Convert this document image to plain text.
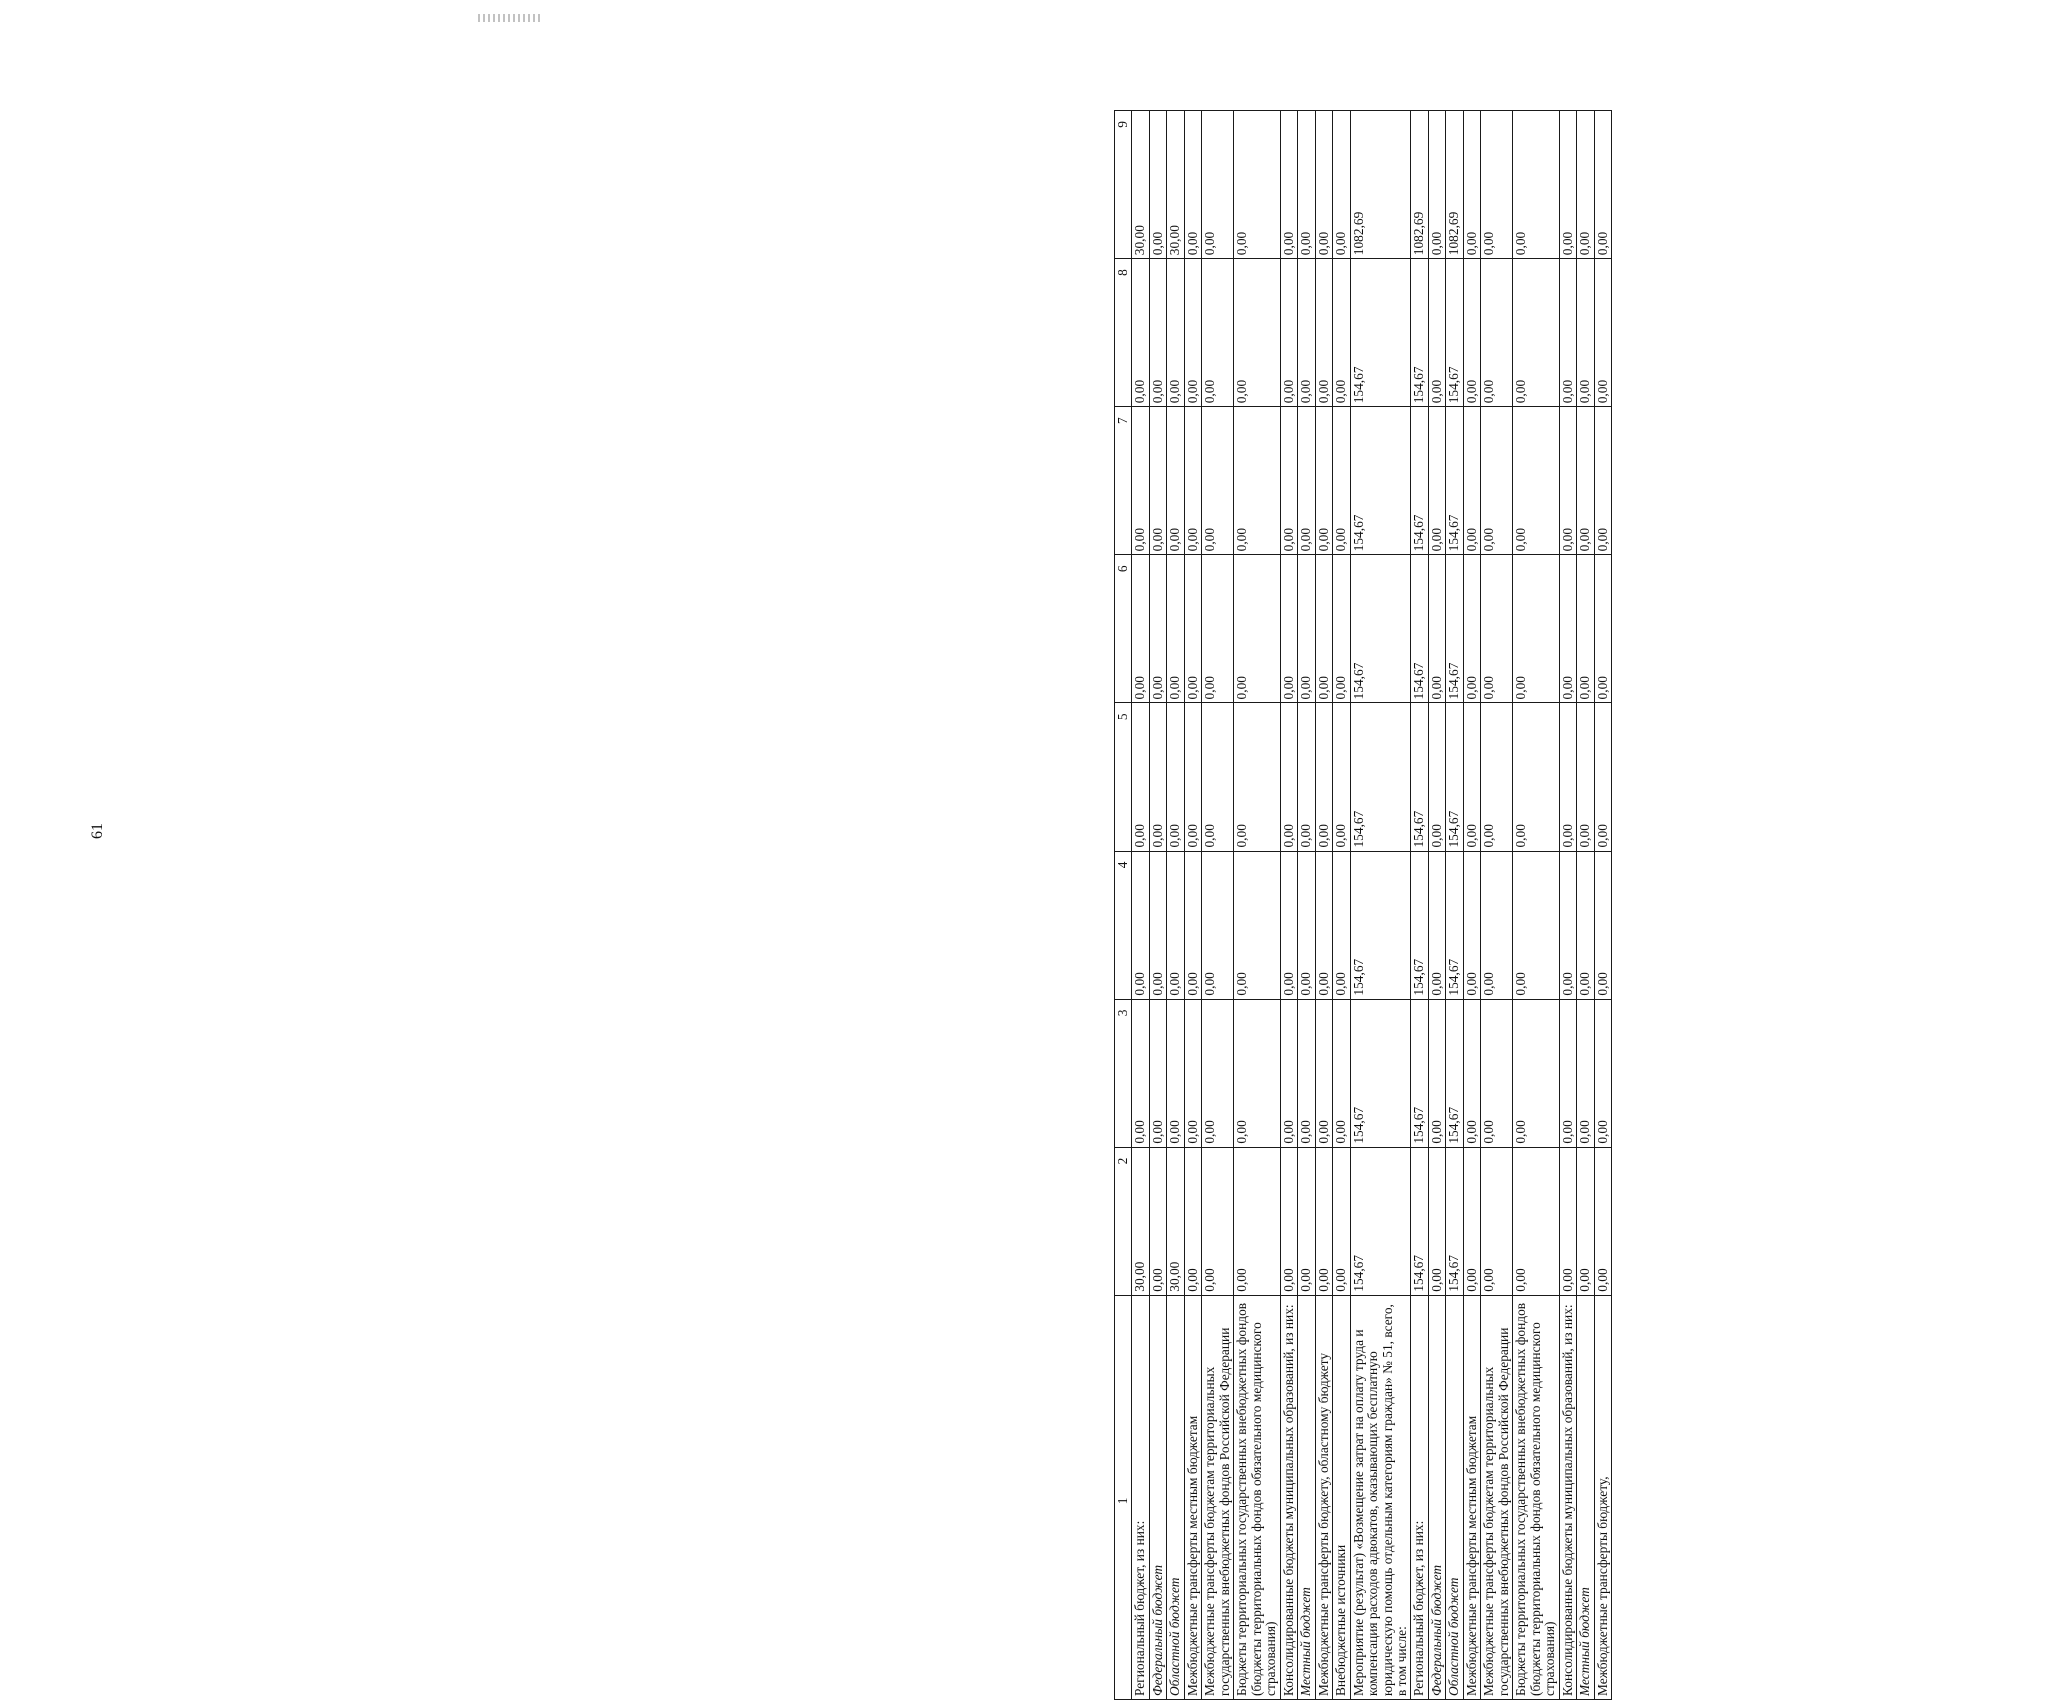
61
1	2	3	4	5	6	7	8	9
Региональный бюджет, из них:	30,00	0,00	0,00	0,00	0,00	0,00	0,00	30,00
Федеральный бюджет	0,00	0,00	0,00	0,00	0,00	0,00	0,00	0,00
Областной бюджет	30,00	0,00	0,00	0,00	0,00	0,00	0,00	30,00
Межбюджетные трансферты местным бюджетам	0,00	0,00	0,00	0,00	0,00	0,00	0,00	0,00
Межбюджетные трансферты бюджетам территориальных государственных внебюджетных фондов Российской Федерации	0,00	0,00	0,00	0,00	0,00	0,00	0,00	0,00
Бюджеты территориальных государственных внебюджетных фондов (бюджеты территориальных фондов обязательного медицинского страхования)	0,00	0,00	0,00	0,00	0,00	0,00	0,00	0,00
Консолидированные бюджеты муниципальных образований, из них:	0,00	0,00	0,00	0,00	0,00	0,00	0,00	0,00
Местный бюджет	0,00	0,00	0,00	0,00	0,00	0,00	0,00	0,00
Межбюджетные трансферты бюджету, областному бюджету	0,00	0,00	0,00	0,00	0,00	0,00	0,00	0,00
Внебюджетные источники	0,00	0,00	0,00	0,00	0,00	0,00	0,00	0,00
Мероприятие (результат) «Возмещение затрат на оплату труда и компенсация расходов адвокатов, оказывающих бесплатную юридическую помощь отдельным категориям граждан» № 51, всего, в том числе:	154,67	154,67	154,67	154,67	154,67	154,67	154,67	1082,69
Региональный бюджет, из них:	154,67	154,67	154,67	154,67	154,67	154,67	154,67	1082,69
Федеральный бюджет	0,00	0,00	0,00	0,00	0,00	0,00	0,00	0,00
Областной бюджет	154,67	154,67	154,67	154,67	154,67	154,67	154,67	1082,69
Межбюджетные трансферты местным бюджетам	0,00	0,00	0,00	0,00	0,00	0,00	0,00	0,00
Межбюджетные трансферты бюджетам территориальных государственных внебюджетных фондов Российской Федерации	0,00	0,00	0,00	0,00	0,00	0,00	0,00	0,00
Бюджеты территориальных государственных внебюджетных фондов (бюджеты территориальных фондов обязательного медицинского страхования)	0,00	0,00	0,00	0,00	0,00	0,00	0,00	0,00
Консолидированные бюджеты муниципальных образований, из них:	0,00	0,00	0,00	0,00	0,00	0,00	0,00	0,00
Местный бюджет	0,00	0,00	0,00	0,00	0,00	0,00	0,00	0,00
Межбюджетные трансферты бюджету,	0,00	0,00	0,00	0,00	0,00	0,00	0,00	0,00
